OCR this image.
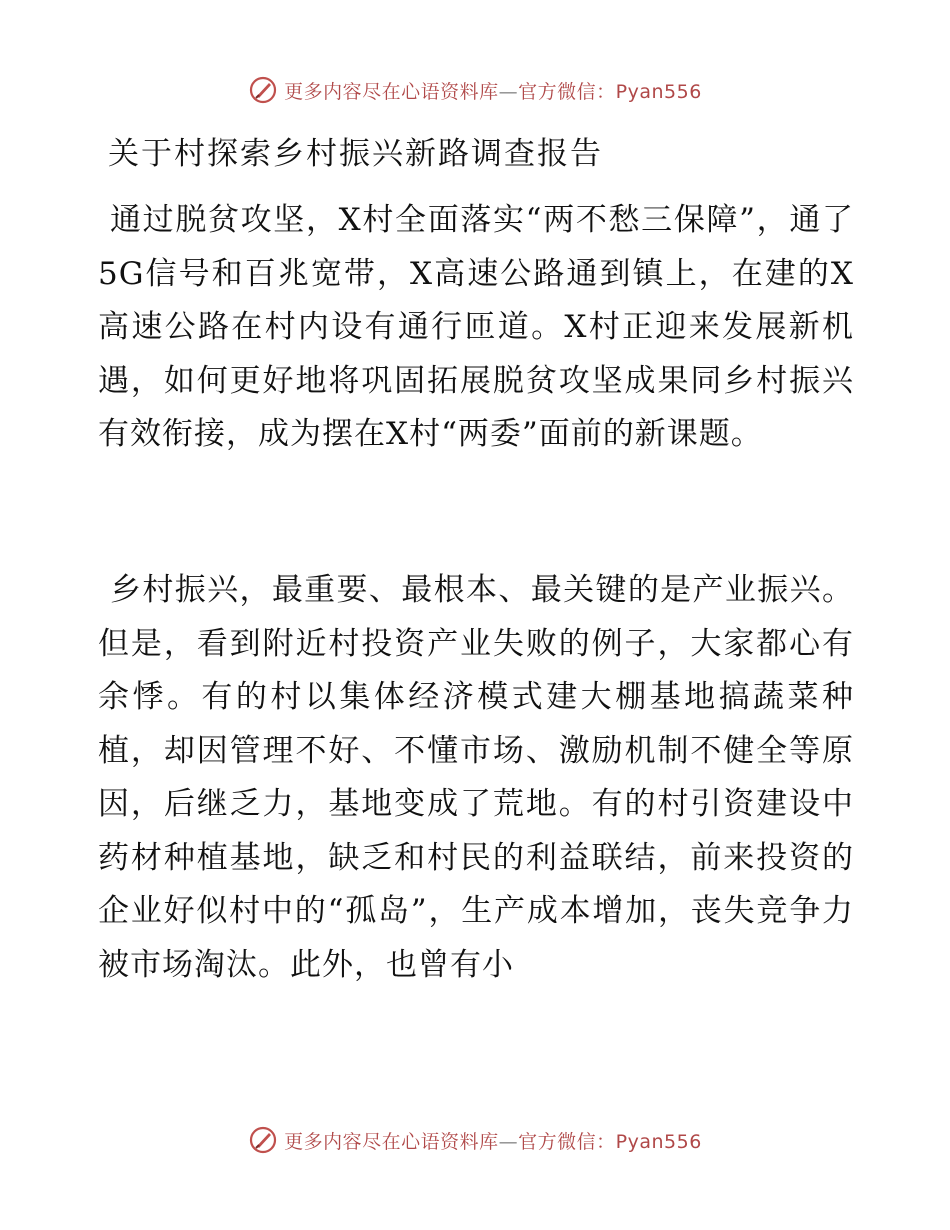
更多内容尽在心语资料库—官方微信：Pyan556
关于村探索乡村振兴新路调查报告

通过脱贫攻坚，X村全面落实“两不愁三保障”，通了5G信号和百兆宽带，X高速公路通到镇上，在建的X高速公路在村内设有通行匝道。X村正迎来发展新机遇，如何更好地将巩固拓展脱贫攻坚成果同乡村振兴有效衔接，成为摆在X村“两委”面前的新课题。

乡村振兴，最重要、最根本、最关键的是产业振兴。但是，看到附近村投资产业失败的例子，大家都心有余悸。有的村以集体经济模式建大棚基地搞蔬菜种植，却因管理不好、不懂市场、激励机制不健全等原因，后继乏力，基地变成了荒地。有的村引资建设中药材种植基地，缺乏和村民的利益联结，前来投资的企业好似村中的“孤岛”，生产成本增加，丧失竞争力被市场淘汰。此外，也曾有小

更多内容尽在心语资料库—官方微信：Pyan556
